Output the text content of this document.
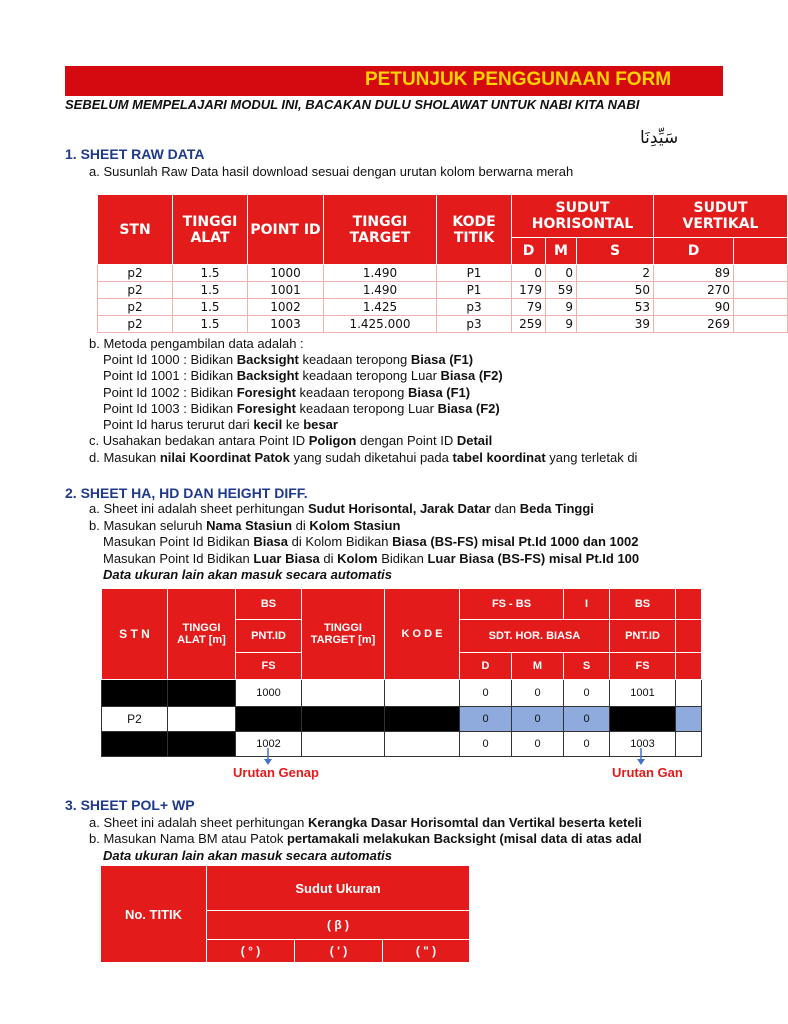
PETUNJUK PENGGUNAAN FORM
SEBELUM MEMPELAJARI MODUL INI, BACAKAN DULU SHOLAWAT UNTUK NABI KITA NABI
سَيِّدِنَا
1. SHEET RAW DATA
a. Susunlah Raw Data hasil download sesuai dengan urutan kolom berwarna merah
STN	TINGGI ALAT	POINT ID	TINGGI TARGET	KODE TITIK	SUDUT HORISONTAL			SUDUT VERTIKAL	
					D	M	S	D	
p2	1.5	1000	1.490	P1	0	0	2	89	
p2	1.5	1001	1.490	P1	179	59	50	270	
p2	1.5	1002	1.425	p3	79	9	53	90	
p2	1.5	1003	1.425.000	p3	259	9	39	269	
b. Metoda pengambilan data adalah :
Point Id 1000 : Bidikan Backsight keadaan teropong Biasa (F1)
Point Id 1001 : Bidikan Backsight keadaan teropong Luar Biasa (F2)
Point Id 1002 : Bidikan Foresight keadaan teropong Biasa (F1)
Point Id 1003 : Bidikan Foresight keadaan teropong Luar Biasa (F2)
Point Id harus terurut dari kecil ke besar
c. Usahakan bedakan antara Point ID Poligon dengan Point ID Detail
d. Masukan nilai Koordinat Patok yang sudah diketahui pada tabel koordinat yang terletak di
2. SHEET HA, HD DAN HEIGHT DIFF.
a. Sheet ini adalah sheet perhitungan Sudut Horisontal, Jarak Datar dan Beda Tinggi
b. Masukan seluruh Nama Stasiun di Kolom Stasiun
Masukan Point Id Bidikan Biasa di Kolom Bidikan Biasa (BS-FS) misal Pt.Id 1000 dan 1002
Masukan Point Id Bidikan Luar Biasa di Kolom Bidikan Luar Biasa (BS-FS) misal Pt.Id 100
Data ukuran lain akan masuk secara automatis
S T N	TINGGI ALAT [m]	BS	TINGGI TARGET [m]	K O D E	FS - BS		I	BS	
		PNT.ID			SDT. HOR. BIASA			PNT.ID	
		FS			D	M	S	FS	
		1000			0	0	0	1001	
P2					0	0	0		
		1002			0	0	0	1003	
Urutan Genap	Urutan Gan
3. SHEET POL+ WP
a. Sheet ini adalah sheet perhitungan Kerangka Dasar Horisomtal dan Vertikal beserta keteli
b. Masukan Nama BM atau Patok pertamakali melakukan Backsight (misal data di atas adal
Data ukuran lain akan masuk secara automatis
No. TITIK	Sudut Ukuran		
	( β )		
	( ° )	( ' )	( " )
